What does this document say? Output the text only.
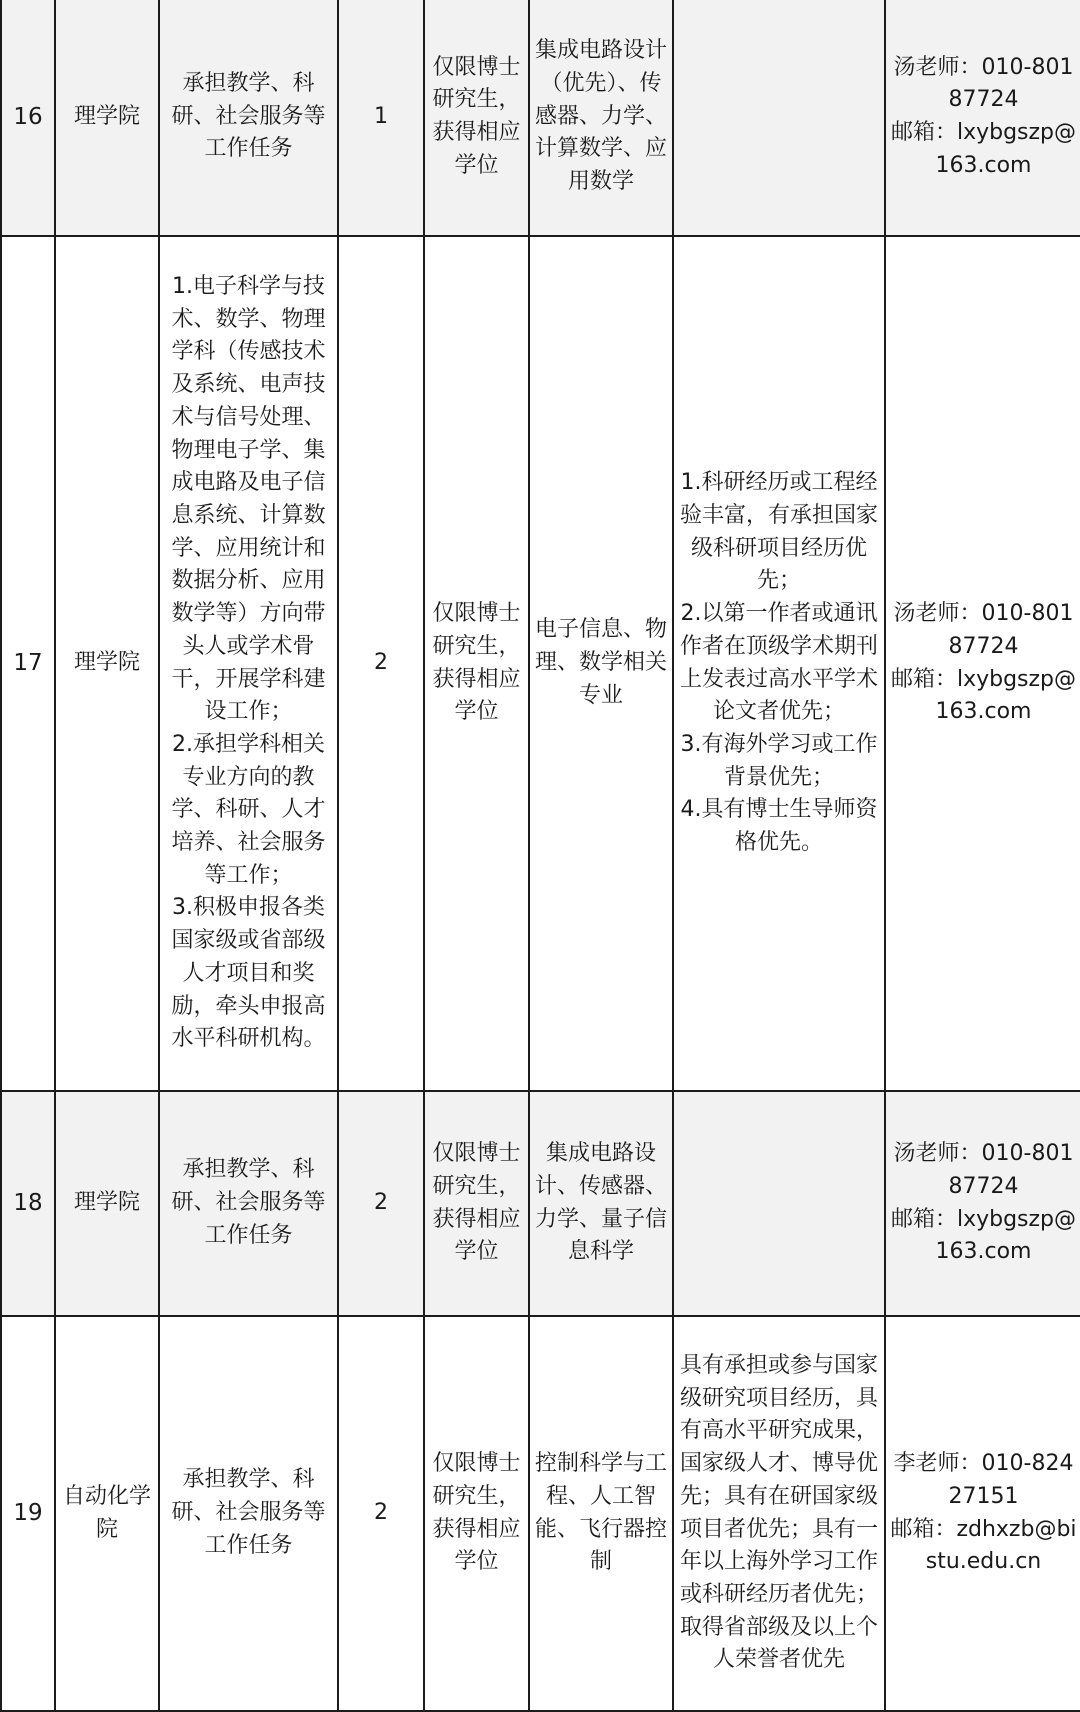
16	理学院	承担教学、科研、社会服务等工作任务	1	仅限博士研究生，获得相应学位	集成电路设计（优先）、传感器、力学、计算数学、应用数学		汤老师：010-80187724
邮箱：lxybgszp@163.com
17	理学院	1.电子科学与技术、数学、物理学科（传感技术及系统、电声技术与信号处理、物理电子学、集成电路及电子信息系统、计算数学、应用统计和数据分析、应用数学等）方向带头人或学术骨干，开展学科建设工作；
2.承担学科相关专业方向的教学、科研、人才培养、社会服务等工作；
3.积极申报各类国家级或省部级人才项目和奖励，牵头申报高水平科研机构。	2	仅限博士研究生，获得相应学位	电子信息、物理、数学相关专业	1.科研经历或工程经验丰富，有承担国家级科研项目经历优先；
2.以第一作者或通讯作者在顶级学术期刊上发表过高水平学术论文者优先；
3.有海外学习或工作背景优先；
4.具有博士生导师资格优先。	汤老师：010-80187724
邮箱：lxybgszp@163.com
18	理学院	承担教学、科研、社会服务等工作任务	2	仅限博士研究生，获得相应学位	集成电路设计、传感器、力学、量子信息科学		汤老师：010-80187724
邮箱：lxybgszp@163.com
19	自动化学院	承担教学、科研、社会服务等工作任务	2	仅限博士研究生，获得相应学位	控制科学与工程、人工智能、飞行器控制	具有承担或参与国家级研究项目经历，具有高水平研究成果，国家级人才、博导优先；具有在研国家级项目者优先；具有一年以上海外学习工作或科研经历者优先；取得省部级及以上个人荣誉者优先	李老师：010-82427151
邮箱：zdhxzb@bistu.edu.cn
